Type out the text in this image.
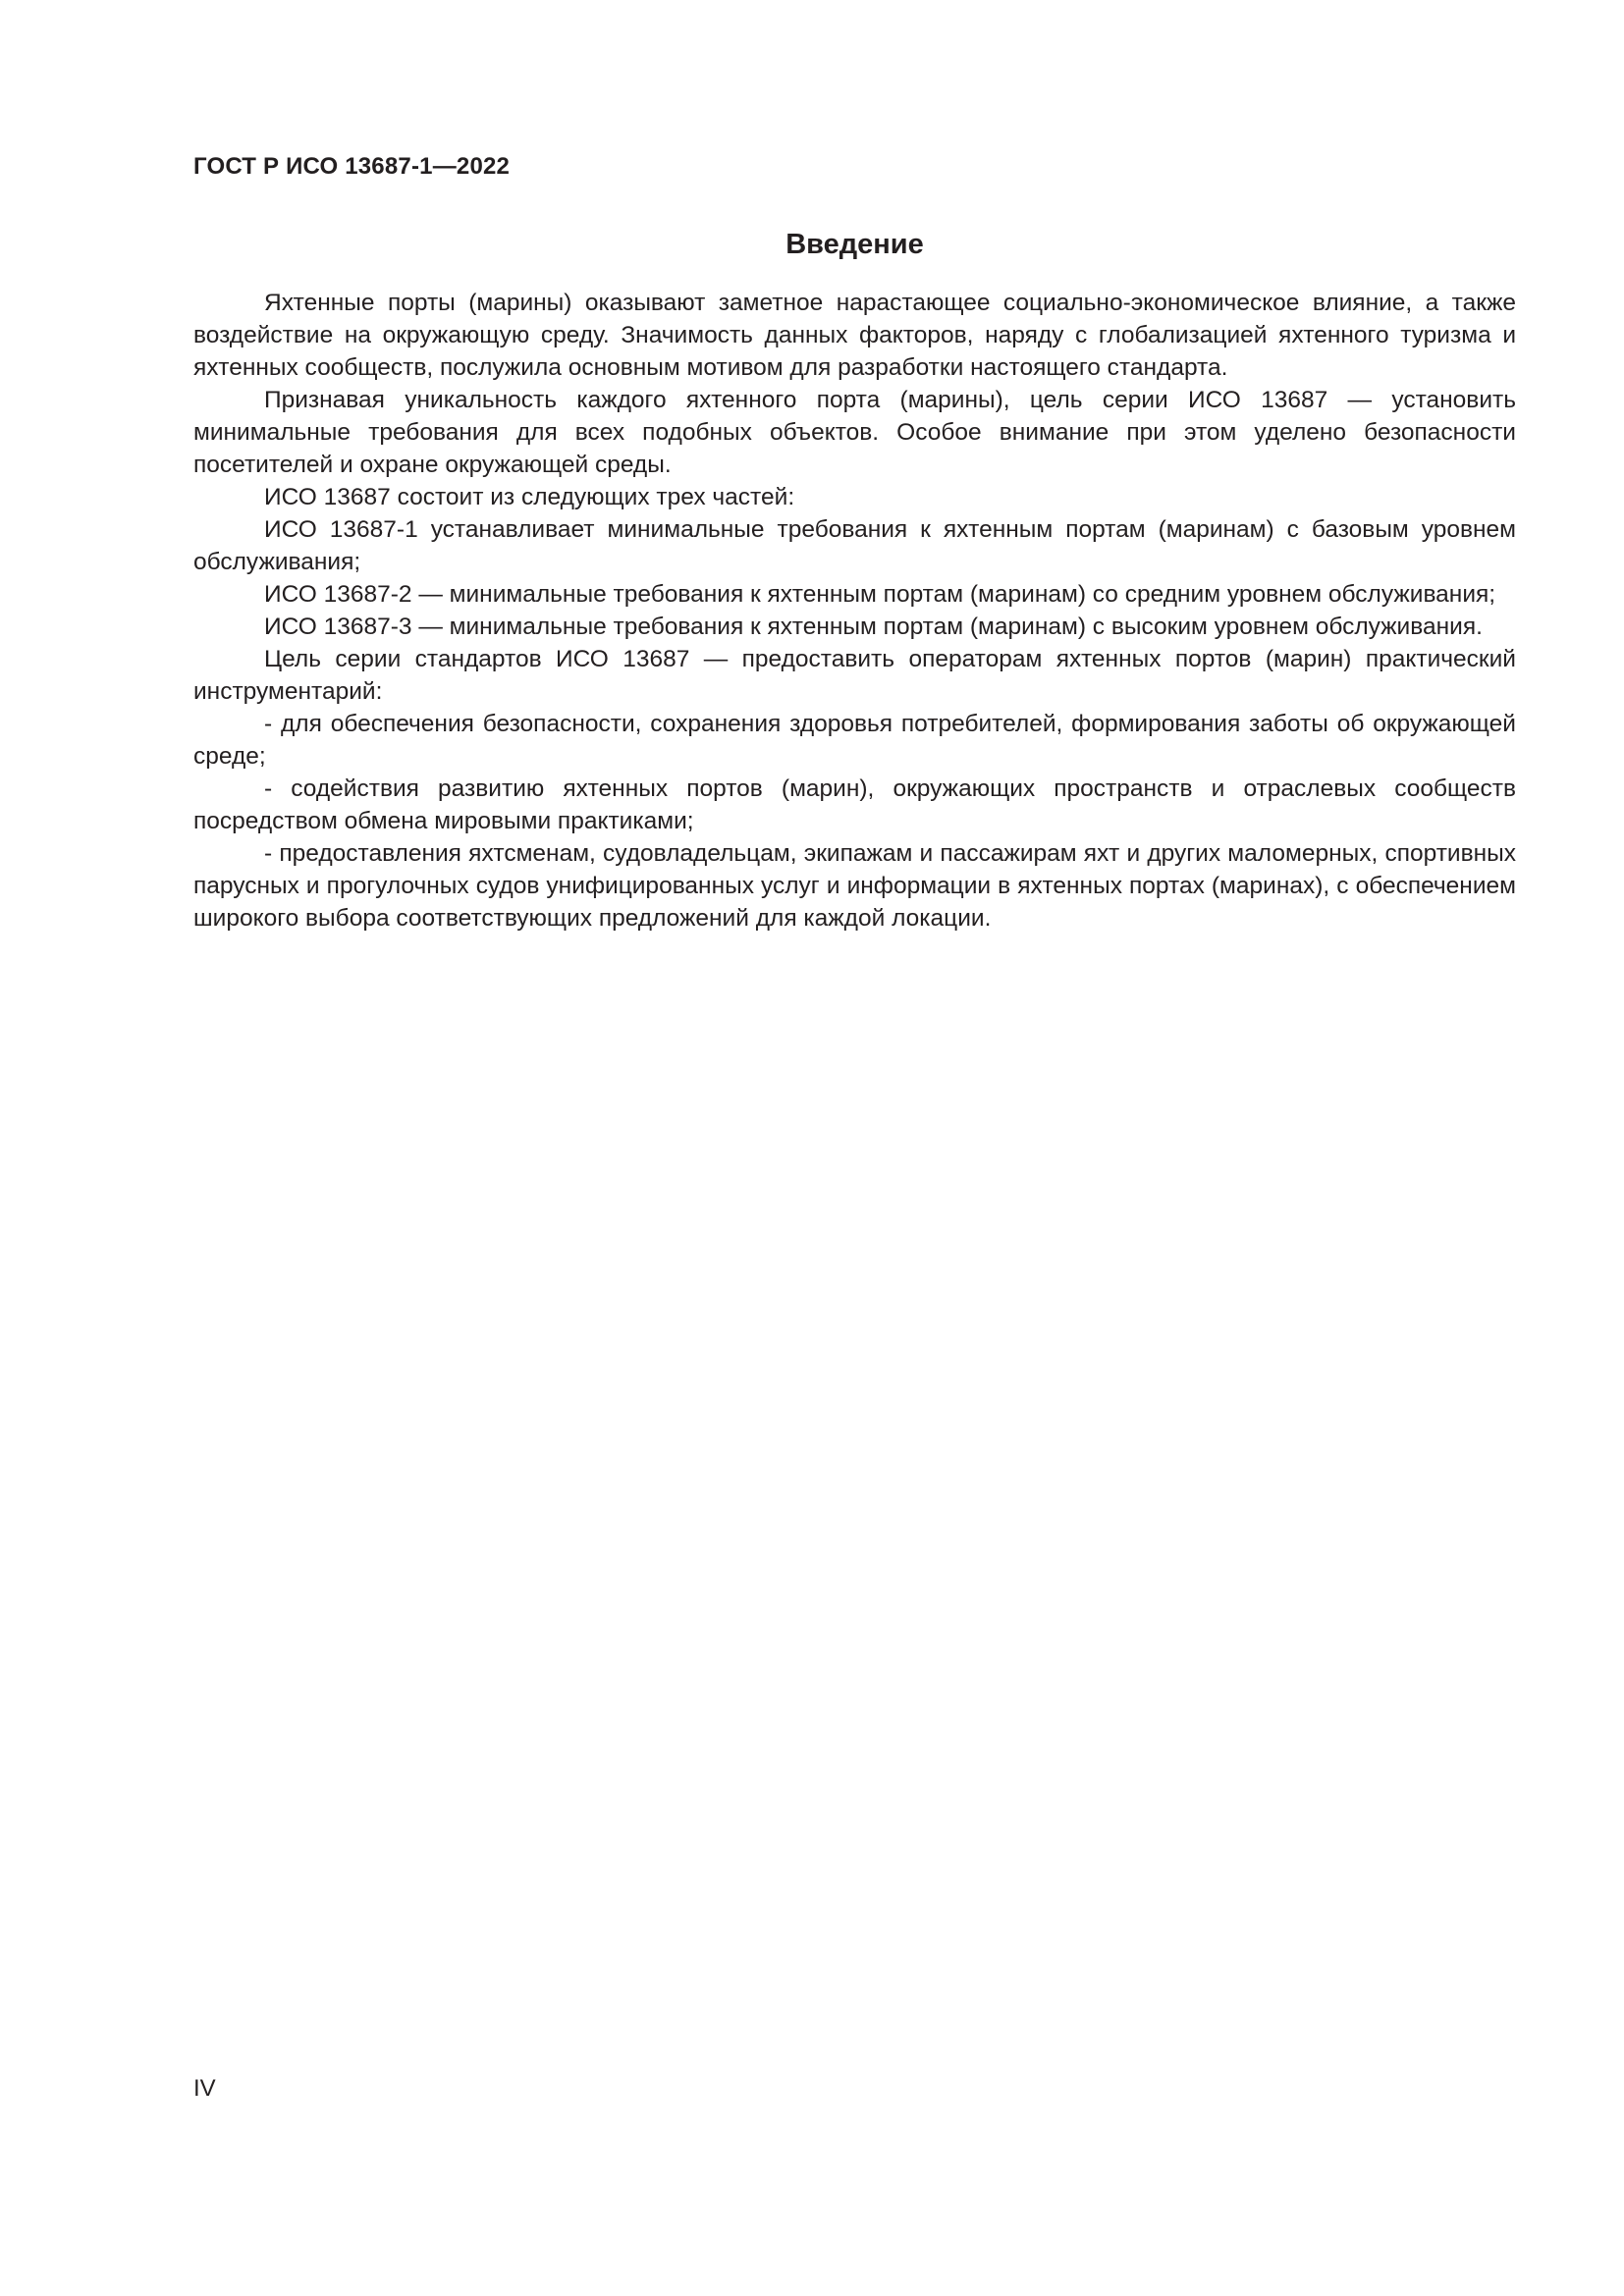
ГОСТ Р ИСО 13687-1—2022
Введение

Яхтенные порты (марины) оказывают заметное нарастающее социально-экономическое влияние, а также воздействие на окружающую среду. Значимость данных факторов, наряду с глобализацией яхтенного туризма и яхтенных сообществ, послужила основным мотивом для разработки настоящего стандарта.

Признавая уникальность каждого яхтенного порта (марины), цель серии ИСО 13687 — установить минимальные требования для всех подобных объектов. Особое внимание при этом уделено безопасности посетителей и охране окружающей среды.

ИСО 13687 состоит из следующих трех частей:

ИСО 13687-1 устанавливает минимальные требования к яхтенным портам (маринам) с базовым уровнем обслуживания;

ИСО 13687-2 — минимальные требования к яхтенным портам (маринам) со средним уровнем обслуживания;

ИСО 13687-3 — минимальные требования к яхтенным портам (маринам) с высоким уровнем обслуживания.

Цель серии стандартов ИСО 13687 — предоставить операторам яхтенных портов (марин) практический инструментарий:

- для обеспечения безопасности, сохранения здоровья потребителей, формирования заботы об окружающей среде;

- содействия развитию яхтенных портов (марин), окружающих пространств и отраслевых сообществ посредством обмена мировыми практиками;

- предоставления яхтсменам, судовладельцам, экипажам и пассажирам яхт и других маломерных, спортивных парусных и прогулочных судов унифицированных услуг и информации в яхтенных портах (маринах), с обеспечением широкого выбора соответствующих предложений для каждой локации.

IV
